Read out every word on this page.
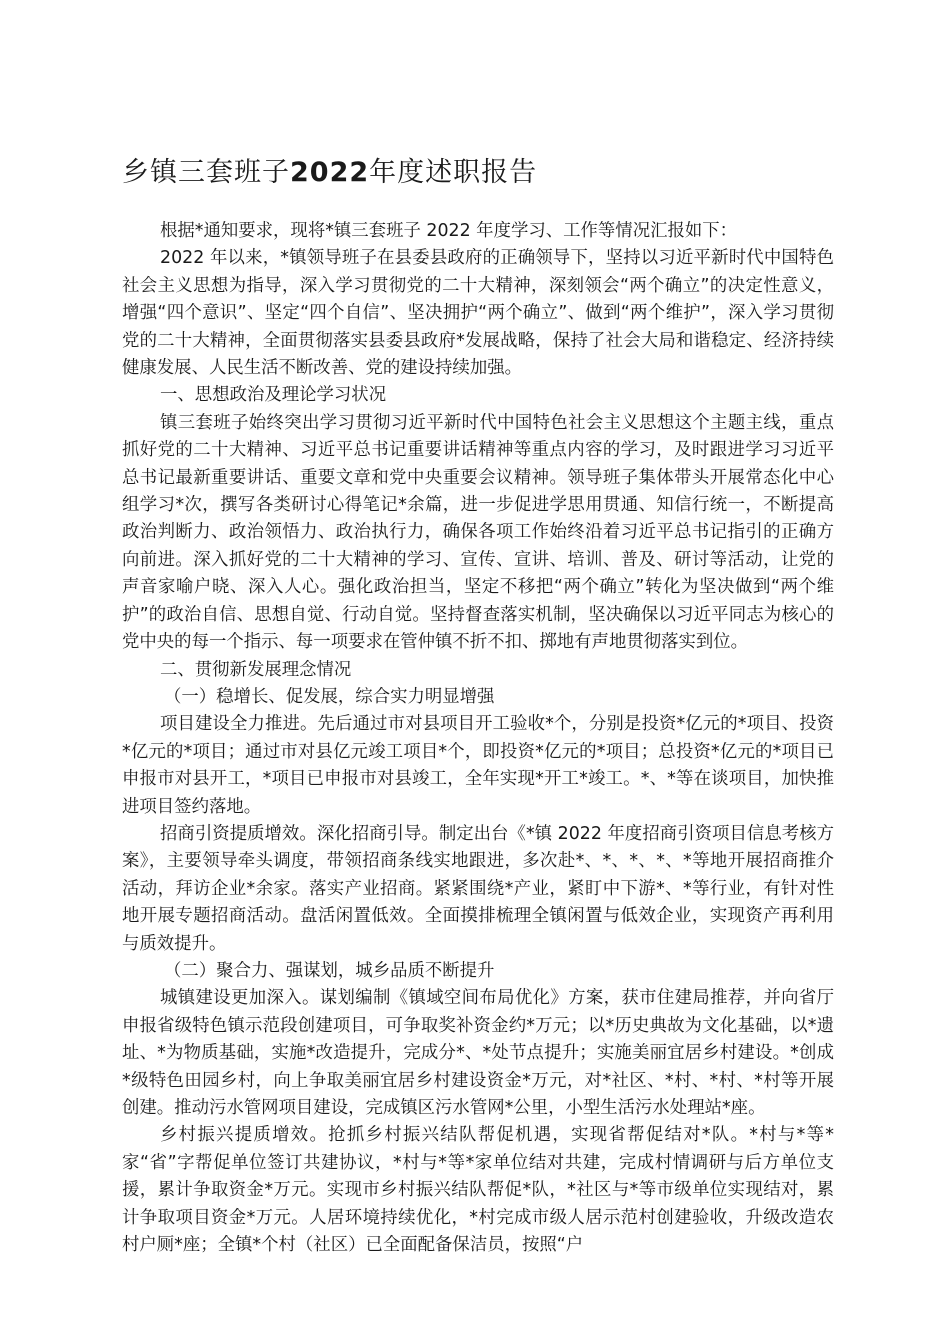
乡镇三套班子2022年度述职报告

根据*通知要求，现将*镇三套班子 2022 年度学习、工作等情况汇报如下：

2022 年以来，*镇领导班子在县委县政府的正确领导下，坚持以习近平新时代中国特色社会主义思想为指导，深入学习贯彻党的二十大精神，深刻领会“两个确立”的决定性意义，增强“四个意识”、坚定“四个自信”、坚决拥护“两个确立”、做到“两个维护”，深入学习贯彻党的二十大精神，全面贯彻落实县委县政府*发展战略，保持了社会大局和谐稳定、经济持续健康发展、人民生活不断改善、党的建设持续加强。

一、思想政治及理论学习状况

镇三套班子始终突出学习贯彻习近平新时代中国特色社会主义思想这个主题主线，重点抓好党的二十大精神、习近平总书记重要讲话精神等重点内容的学习，及时跟进学习习近平总书记最新重要讲话、重要文章和党中央重要会议精神。领导班子集体带头开展常态化中心组学习*次，撰写各类研讨心得笔记*余篇，进一步促进学思用贯通、知信行统一，不断提高政治判断力、政治领悟力、政治执行力，确保各项工作始终沿着习近平总书记指引的正确方向前进。深入抓好党的二十大精神的学习、宣传、宣讲、培训、普及、研讨等活动，让党的声音家喻户晓、深入人心。强化政治担当，坚定不移把“两个确立”转化为坚决做到“两个维护”的政治自信、思想自觉、行动自觉。坚持督查落实机制，坚决确保以习近平同志为核心的党中央的每一个指示、每一项要求在管仲镇不折不扣、掷地有声地贯彻落实到位。

二、贯彻新发展理念情况

（一）稳增长、促发展，综合实力明显增强

项目建设全力推进。先后通过市对县项目开工验收*个，分别是投资*亿元的*项目、投资*亿元的*项目；通过市对县亿元竣工项目*个，即投资*亿元的*项目；总投资*亿元的*项目已申报市对县开工，*项目已申报市对县竣工，全年实现*开工*竣工。*、*等在谈项目，加快推进项目签约落地。

招商引资提质增效。深化招商引导。制定出台《*镇 2022 年度招商引资项目信息考核方案》，主要领导牵头调度，带领招商条线实地跟进，多次赴*、*、*、*、*等地开展招商推介活动，拜访企业*余家。落实产业招商。紧紧围绕*产业，紧盯中下游*、*等行业，有针对性地开展专题招商活动。盘活闲置低效。全面摸排梳理全镇闲置与低效企业，实现资产再利用与质效提升。

（二）聚合力、强谋划，城乡品质不断提升

城镇建设更加深入。谋划编制《镇域空间布局优化》方案，获市住建局推荐，并向省厅申报省级特色镇示范段创建项目，可争取奖补资金约*万元；以*历史典故为文化基础，以*遗址、*为物质基础，实施*改造提升，完成分*、*处节点提升；实施美丽宜居乡村建设。*创成*级特色田园乡村，向上争取美丽宜居乡村建设资金*万元，对*社区、*村、*村、*村等开展创建。推动污水管网项目建设，完成镇区污水管网*公里，小型生活污水处理站*座。

乡村振兴提质增效。抢抓乡村振兴结队帮促机遇，实现省帮促结对*队。*村与*等*家“省”字帮促单位签订共建协议，*村与*等*家单位结对共建，完成村情调研与后方单位支援，累计争取资金*万元。实现市乡村振兴结队帮促*队，*社区与*等市级单位实现结对，累计争取项目资金*万元。人居环境持续优化，*村完成市级人居示范村创建验收，升级改造农村户厕*座；全镇*个村（社区）已全面配备保洁员，按照“户
